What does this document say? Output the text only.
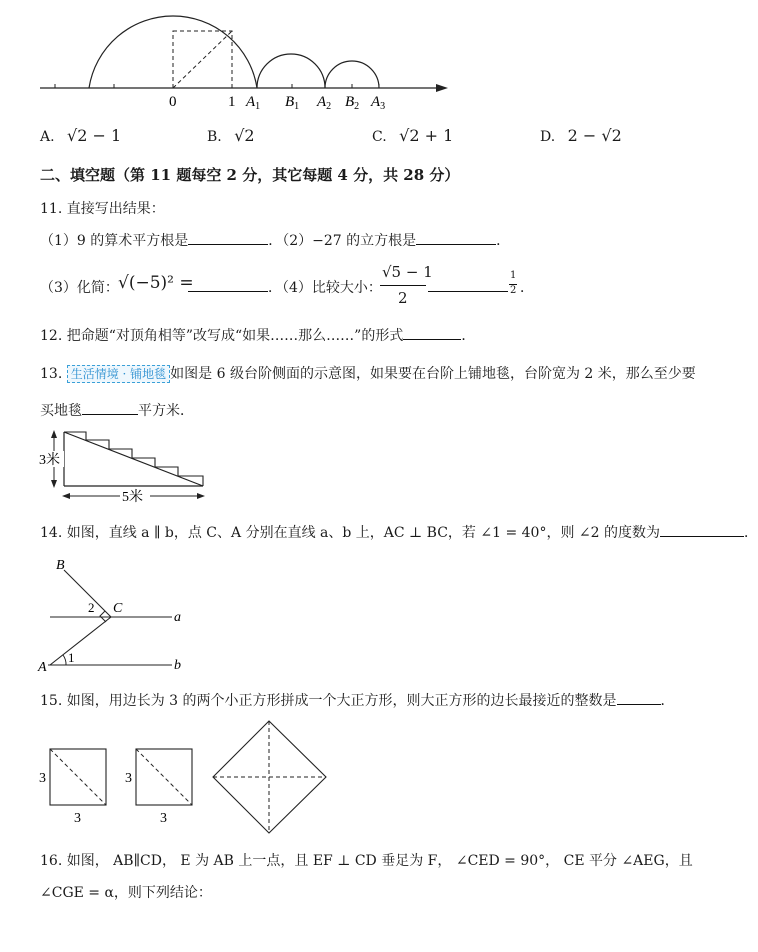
0	1 $A_1$ $B_1$ $A_2$ $B_2$ $A_3$
A. √2 − 1	B. √2	C. √2 + 1	D. 2 − √2
二、填空题（第 11 题每空 2 分，其它每题 4 分，共 28 分）
11. 直接写出结果：
（1）9 的算术平方根是	．（2）−27 的立方根是	．
（3）化简： √(−5)² =	．（4）比较大小：
√5 − 1
2
1
2 ．
12. 把命题“对顶角相等”改写成“如果……那么……”的形式	．
13. 生活情境 · 铺地毯 如图是 6 级台阶侧面的示意图，如果要在台阶上铺地毯，台阶宽为 2 米，那么至少要
买地毯	平方米．
3米
5米
14. 如图，直线 a ∥ b，点 C、A 分别在直线 a、b 上，AC ⊥ BC，若 ∠1 = 40°，则 ∠2 的度数为	．
B
C
2
a
A
1
b
15. 如图，用边长为 3 的两个小正方形拼成一个大正方形，则大正方形的边长最接近的整数是	．
3
3
3
3
16. 如图， AB∥CD， E 为 AB 上一点，且 EF ⊥ CD 垂足为 F， ∠CED = 90°， CE 平分 ∠AEG，且
∠CGE = α，则下列结论：
